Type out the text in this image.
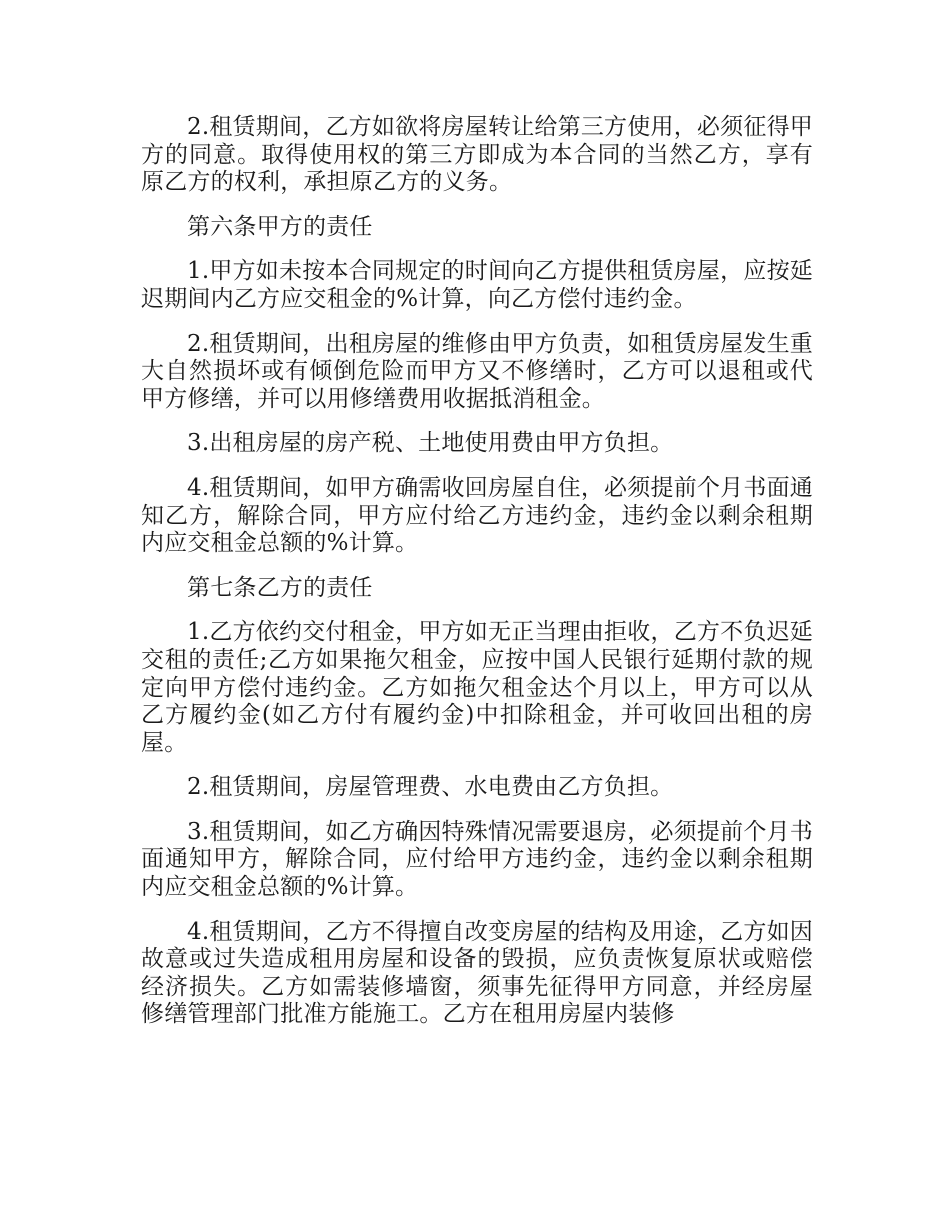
2.租赁期间，乙方如欲将房屋转让给第三方使用，必须征得甲方的同意。取得使用权的第三方即成为本合同的当然乙方，享有原乙方的权利，承担原乙方的义务。

第六条甲方的责任

1.甲方如未按本合同规定的时间向乙方提供租赁房屋，应按延迟期间内乙方应交租金的%计算，向乙方偿付违约金。

2.租赁期间，出租房屋的维修由甲方负责，如租赁房屋发生重大自然损坏或有倾倒危险而甲方又不修缮时，乙方可以退租或代甲方修缮，并可以用修缮费用收据抵消租金。

3.出租房屋的房产税、土地使用费由甲方负担。

4.租赁期间，如甲方确需收回房屋自住，必须提前个月书面通知乙方，解除合同，甲方应付给乙方违约金，违约金以剩余租期内应交租金总额的%计算。

第七条乙方的责任

1.乙方依约交付租金，甲方如无正当理由拒收，乙方不负迟延交租的责任;乙方如果拖欠租金，应按中国人民银行延期付款的规定向甲方偿付违约金。乙方如拖欠租金达个月以上，甲方可以从乙方履约金(如乙方付有履约金)中扣除租金，并可收回出租的房屋。

2.租赁期间，房屋管理费、水电费由乙方负担。

3.租赁期间，如乙方确因特殊情况需要退房，必须提前个月书面通知甲方，解除合同，应付给甲方违约金，违约金以剩余租期内应交租金总额的%计算。

4.租赁期间，乙方不得擅自改变房屋的结构及用途，乙方如因故意或过失造成租用房屋和设备的毁损，应负责恢复原状或赔偿经济损失。乙方如需装修墙窗，须事先征得甲方同意，并经房屋修缮管理部门批准方能施工。乙方在租用房屋内装修
